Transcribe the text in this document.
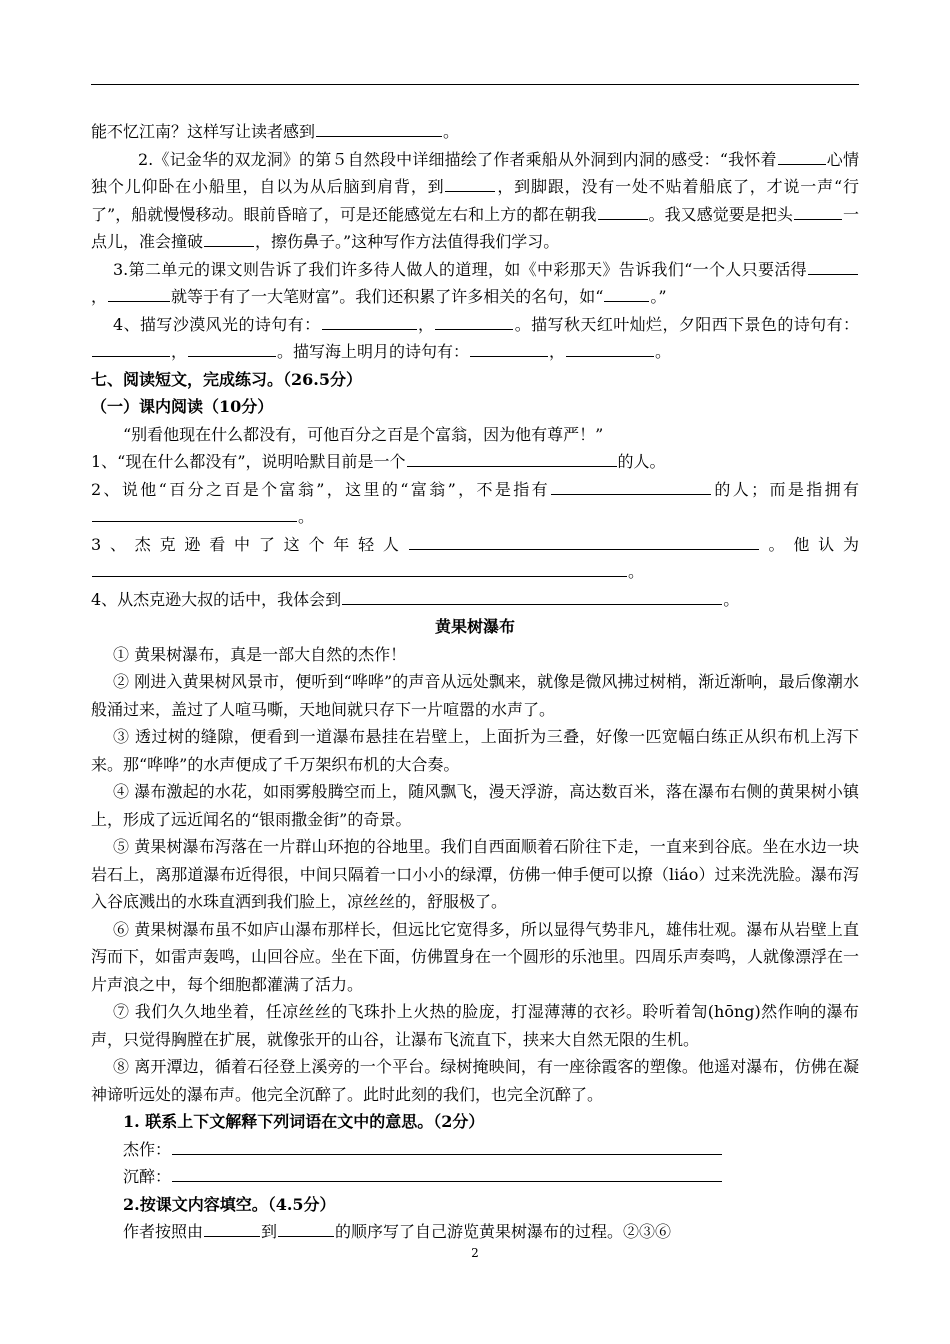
能不忆江南？这样写让读者感到	。

2.《记金华的双龙洞》的第５自然段中详细描绘了作者乘船从外洞到内洞的感受：“我怀着	心情独个儿仰卧在小船里，自以为从后脑到肩背，到	，到脚跟，没有一处不贴着船底了，才说一声“行了”，船就慢慢移动。眼前昏暗了，可是还能感觉左右和上方的都在朝我	。我又感觉要是把头	一点儿，准会撞破	，擦伤鼻子。”这种写作方法值得我们学习。

3.第二单元的课文则告诉了我们许多待人做人的道理，如《中彩那天》告诉我们“一个人只要活得，	就等于有了一大笔财富”。我们还积累了许多相关的名句，如“	。”

4、描写沙漠风光的诗句有：	，	。描写秋天红叶灿烂，夕阳西下景色的诗句有：，	。描写海上明月的诗句有：	，	。

七、阅读短文，完成练习。（26.5分）

（一）课内阅读（10分）

“别看他现在什么都没有，可他百分之百是个富翁，因为他有尊严！”

1、“现在什么都没有”，说明哈默目前是一个	的人。

2、说他“百分之百是个富翁”，这里的“富翁”，不是指有	的人；而是指拥有。

3、杰克逊看中了这个年轻人	。他认为。

4、从杰克逊大叔的话中，我体会到	。

黄果树瀑布

① 黄果树瀑布，真是一部大自然的杰作！

② 刚进入黄果树风景市，便听到“哗哗”的声音从远处飘来，就像是微风拂过树梢，渐近渐响，最后像潮水般涌过来，盖过了人喧马嘶，天地间就只存下一片喧嚣的水声了。

③ 透过树的缝隙，便看到一道瀑布悬挂在岩壁上，上面折为三叠，好像一匹宽幅白练正从织布机上泻下来。那“哗哗”的水声便成了千万架织布机的大合奏。

④ 瀑布激起的水花，如雨雾般腾空而上，随风飘飞，漫天浮游，高达数百米，落在瀑布右侧的黄果树小镇上，形成了远近闻名的“银雨撒金街”的奇景。

⑤ 黄果树瀑布泻落在一片群山环抱的谷地里。我们自西面顺着石阶往下走，一直来到谷底。坐在水边一块岩石上，离那道瀑布近得很，中间只隔着一口小小的绿潭，仿佛一伸手便可以撩（liáo）过来洗洗脸。瀑布泻入谷底溅出的水珠直洒到我们脸上，凉丝丝的，舒服极了。

⑥ 黄果树瀑布虽不如庐山瀑布那样长，但远比它宽得多，所以显得气势非凡，雄伟壮观。瀑布从岩壁上直泻而下，如雷声轰鸣，山回谷应。坐在下面，仿佛置身在一个圆形的乐池里。四周乐声奏鸣，人就像漂浮在一片声浪之中，每个细胞都灌满了活力。

⑦ 我们久久地坐着，任凉丝丝的飞珠扑上火热的脸庞，打湿薄薄的衣衫。聆听着訇(hōng)然作响的瀑布声，只觉得胸膛在扩展，就像张开的山谷，让瀑布飞流直下，挟来大自然无限的生机。

⑧ 离开潭边，循着石径登上溪旁的一个平台。绿树掩映间，有一座徐霞客的塑像。他遥对瀑布，仿佛在凝神谛听远处的瀑布声。他完全沉醉了。此时此刻的我们，也完全沉醉了。

1. 联系上下文解释下列词语在文中的意思。（2分）

杰作：

沉醉：

2.按课文内容填空。（4.5分）

作者按照由	到	的顺序写了自己游览黄果树瀑布的过程。②③⑥

2
